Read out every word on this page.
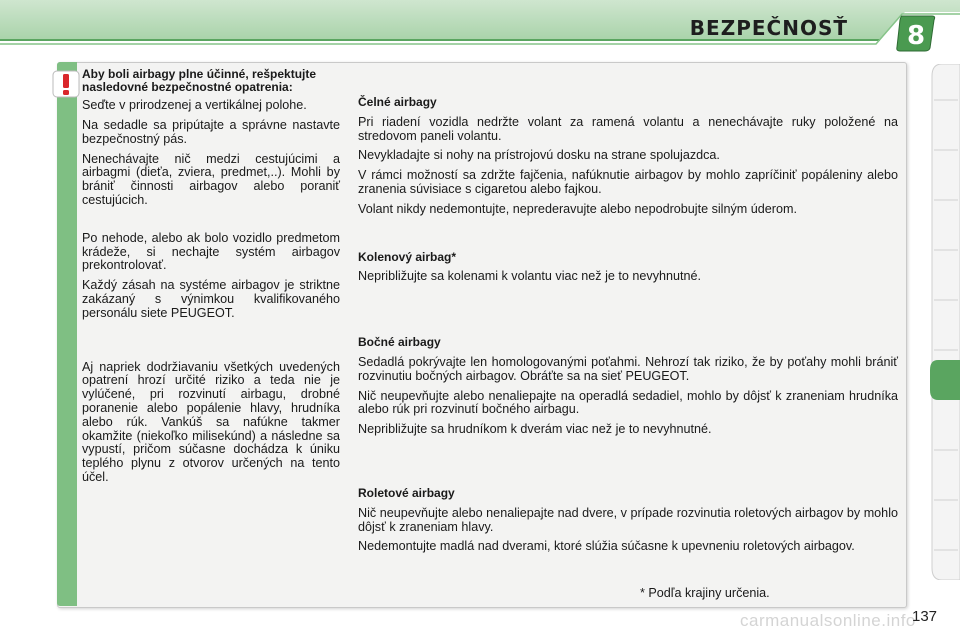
BEZPEČNOSŤ 8
Aby boli airbagy plne účinné, rešpektujte nasledovné bezpečnostné opatrenia:

Seďte v prirodzenej a vertikálnej polohe.

Na sedadle sa pripútajte a správne nastavte bezpečnostný pás.

Nenechávajte nič medzi cestujúcimi a airbagmi (dieťa, zviera, predmet,..). Mohli by brániť činnosti airbagov alebo poraniť cestujúcich.

Po nehode, alebo ak bolo vozidlo predmetom krádeže, si nechajte systém airbagov prekontrolovať.

Každý zásah na systéme airbagov je striktne zakázaný s výnimkou kvalifikovaného personálu siete PEUGEOT.

Aj napriek dodržiavaniu všetkých uvedených opatrení hrozí určité riziko a teda nie je vylúčené, pri rozvinutí airbagu, drobné poranenie alebo popálenie hlavy, hrudníka alebo rúk. Vankúš sa nafúkne takmer okamžite (niekoľko milisekúnd) a následne sa vypustí, pričom súčasne dochádza k úniku teplého plynu z otvorov určených na tento účel.

Čelné airbagy

Pri riadení vozidla nedržte volant za ramená volantu a nenechávajte ruky položené na stredovom paneli volantu.

Nevykladajte si nohy na prístrojovú dosku na strane spolujazdca.

V rámci možností sa zdržte fajčenia, nafúknutie airbagov by mohlo zapríčiniť popáleniny alebo zranenia súvisiace s cigaretou alebo fajkou.

Volant nikdy nedemontujte, neprederavujte alebo nepodrobujte silným úderom.

Kolenový airbag*

Nepribližujte sa kolenami k volantu viac než je to nevyhnutné.

Bočné airbagy

Sedadlá pokrývajte len homologovanými poťahmi. Nehrozí tak riziko, že by poťahy mohli brániť rozvinutiu bočných airbagov. Obráťte sa na sieť PEUGEOT.

Nič neupevňujte alebo nenaliepajte na operadlá sedadiel, mohlo by dôjsť k zraneniam hrudníka alebo rúk pri rozvinutí bočného airbagu.

Nepribližujte sa hrudníkom k dverám viac než je to nevyhnutné.

Roletové airbagy

Nič neupevňujte alebo nenaliepajte nad dvere, v prípade rozvinutia roletových airbagov by mohlo dôjsť k zraneniam hlavy.

Nedemontujte madlá nad dverami, ktoré slúžia súčasne k upevneniu roletových airbagov.

* Podľa krajiny určenia.
carmanualsonline.info
137
